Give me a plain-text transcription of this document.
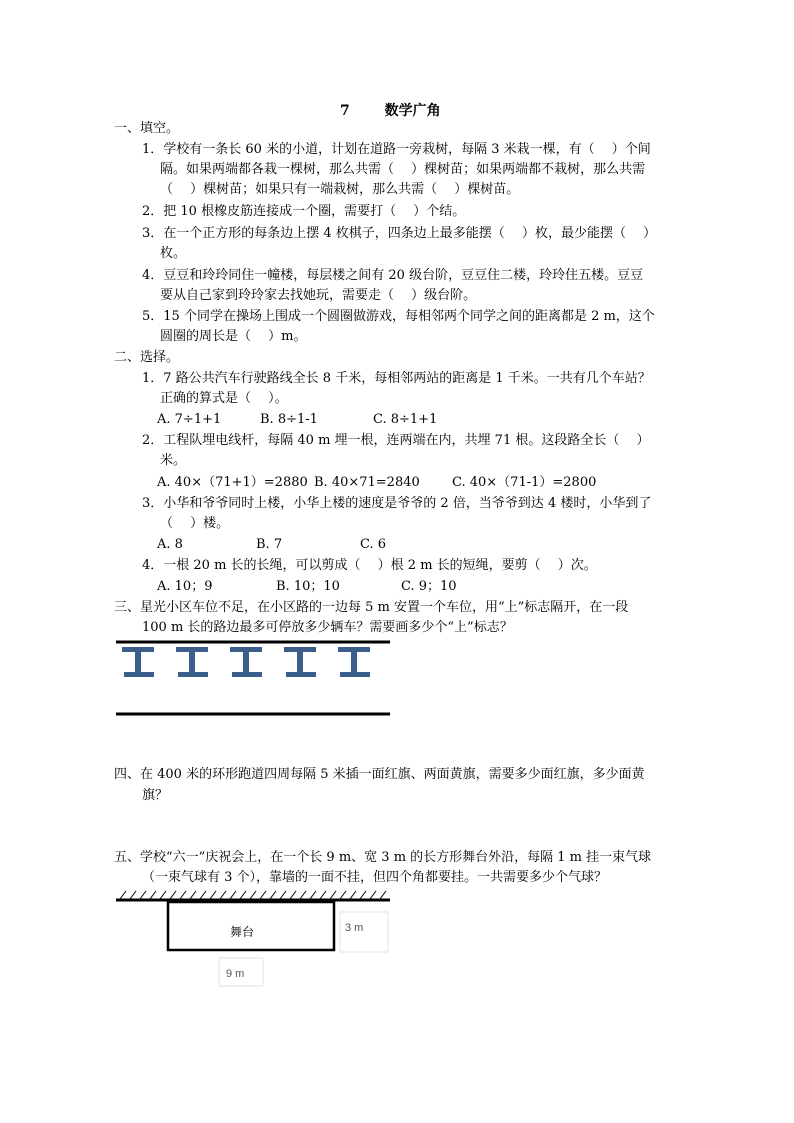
7 数学广角
一、填空。
1．学校有一条长 60 米的小道，计划在道路一旁栽树，每隔 3 米栽一棵，有（　 ）个间
隔。如果两端都各栽一棵树，那么共需（　 ）棵树苗；如果两端都不栽树，那么共需
（　 ）棵树苗；如果只有一端栽树，那么共需（　 ）棵树苗。
2．把 10 根橡皮筋连接成一个圈，需要打（　 ）个结。
3．在一个正方形的每条边上摆 4 枚棋子，四条边上最多能摆（　 ）枚，最少能摆（　 ）
枚。
4．豆豆和玲玲同住一幢楼，每层楼之间有 20 级台阶，豆豆住二楼，玲玲住五楼。豆豆
要从自己家到玲玲家去找她玩，需要走（　 ）级台阶。
5．15 个同学在操场上围成一个圆圈做游戏，每相邻两个同学之间的距离都是 2 m，这个
圆圈的周长是（　 ）m。
二、选择。
1．7 路公共汽车行驶路线全长 8 千米，每相邻两站的距离是 1 千米。一共有几个车站？
正确的算式是（　 ）。
A. 7÷1+1	B. 8÷1-1	C. 8÷1+1
2．工程队埋电线杆，每隔 40 m 埋一根，连两端在内，共埋 71 根。这段路全长（　 ）
米。
A. 40×（71+1）=2880 B. 40×71=2840 C. 40×（71-1）=2800
3．小华和爷爷同时上楼，小华上楼的速度是爷爷的 2 倍，当爷爷到达 4 楼时，小华到了
（　 ）楼。
A. 8	B. 7	C. 6
4．一根 20 m 长的长绳，可以剪成（　 ）根 2 m 长的短绳，要剪（　 ）次。
A. 10；9	B. 10；10	C. 9；10
三、星光小区车位不足，在小区路的一边每 5 m 安置一个车位，用“上”标志隔开，在一段
100 m 长的路边最多可停放多少辆车？需要画多少个“上”标志？
四、在 400 米的环形跑道四周每隔 5 米插一面红旗、两面黄旗，需要多少面红旗，多少面黄
旗？
五、学校“六一”庆祝会上，在一个长 9 m、宽 3 m 的长方形舞台外沿，每隔 1 m 挂一束气球
（一束气球有 3 个），靠墙的一面不挂，但四个角都要挂。一共需要多少个气球？
舞台	3 m
9 m
